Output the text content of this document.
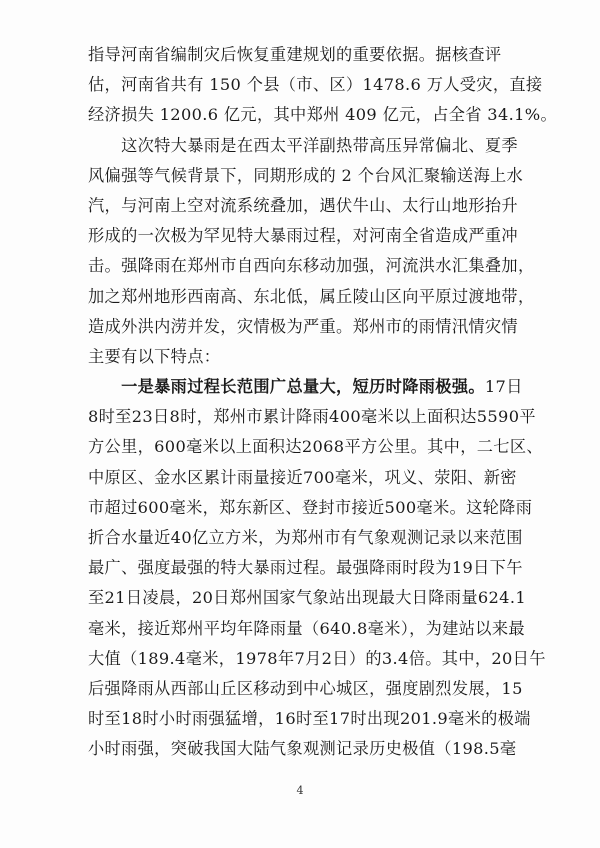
指导河南省编制灾后恢复重建规划的重要依据。据核查评
估，河南省共有 150 个县（市、区）1478.6 万人受灾，直接
经济损失 1200.6 亿元，其中郑州 409 亿元，占全省 34.1%。
　　这次特大暴雨是在西太平洋副热带高压异常偏北、夏季
风偏强等气候背景下，同期形成的 2 个台风汇聚输送海上水
汽，与河南上空对流系统叠加，遇伏牛山、太行山地形抬升
形成的一次极为罕见特大暴雨过程，对河南全省造成严重冲
击。强降雨在郑州市自西向东移动加强，河流洪水汇集叠加，
加之郑州地形西南高、东北低，属丘陵山区向平原过渡地带，
造成外洪内涝并发，灾情极为严重。郑州市的雨情汛情灾情
主要有以下特点：
　　一是暴雨过程长范围广总量大，短历时降雨极强。17日
8时至23日8时，郑州市累计降雨400毫米以上面积达5590平
方公里，600毫米以上面积达2068平方公里。其中，二七区、
中原区、金水区累计雨量接近700毫米，巩义、荥阳、新密
市超过600毫米，郑东新区、登封市接近500毫米。这轮降雨
折合水量近40亿立方米，为郑州市有气象观测记录以来范围
最广、强度最强的特大暴雨过程。最强降雨时段为19日下午
至21日凌晨，20日郑州国家气象站出现最大日降雨量624.1
毫米，接近郑州平均年降雨量（640.8毫米），为建站以来最
大值（189.4毫米，1978年7月2日）的3.4倍。其中，20日午
后强降雨从西部山丘区移动到中心城区，强度剧烈发展，15
时至18时小时雨强猛增，16时至17时出现201.9毫米的极端
小时雨强，突破我国大陆气象观测记录历史极值（198.5毫
4
